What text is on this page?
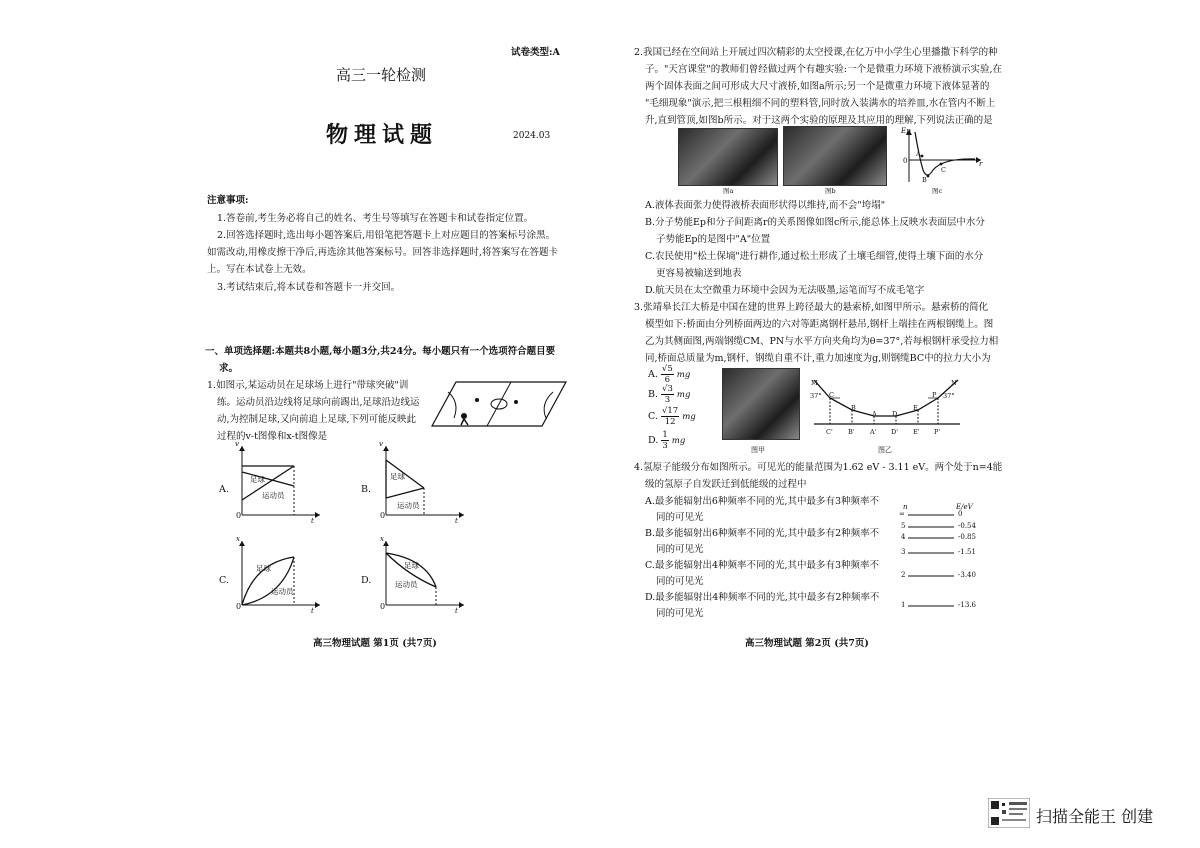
试卷类型:A
高三一轮检测
物理试题	2024.03
注意事项:
1.答卷前,考生务必将自己的姓名、考生号等填写在答题卡和试卷指定位置。
2.回答选择题时,选出每小题答案后,用铅笔把答题卡上对应题目的答案标号涂黑。
如需改动,用橡皮擦干净后,再选涂其他答案标号。回答非选择题时,将答案写在答题卡
上。写在本试卷上无效。
3.考试结束后,将本试卷和答题卡一并交回。
一、单项选择题:本题共8小题,每小题3分,共24分。每小题只有一个选项符合题目要
求。
1.如图示,某运动员在足球场上进行"带球突破"训
练。运动员沿边线将足球向前踢出,足球沿边线运
动,为控制足球,又向前追上足球,下列可能反映此
过程的v-t图像和x-t图像是
A.
v
t
0
足球
运动员
B.
v
t
0
足球
运动员
C.
x
t
0
足球
运动员
D.
x
t
0
足球
运动员
高三物理试题 第1页 (共7页)
2.我国已经在空间站上开展过四次精彩的太空授课,在亿万中小学生心里播撒下科学的种
子。"天宫课堂"的教师们曾经做过两个有趣实验:一个是微重力环境下液桥演示实验,在
两个固体表面之间可形成大尺寸液桥,如图a所示;另一个是微重力环境下液体显著的
"毛细现象"演示,把三根粗细不同的塑料管,同时放入装满水的培养皿,水在管内不断上
升,直到管顶,如图b所示。对于这两个实验的原理及其应用的理解,下列说法正确的是
图a	图b
Ep
r
0
A
B
C
图c
A.液体表面张力使得液桥表面形状得以维持,而不会"垮塌"
B.分子势能Ep和分子间距离r的关系图像如图c所示,能总体上反映水表面层中水分
子势能Ep的是图中"A"位置
C.农民使用"松土保墒"进行耕作,通过松土形成了土壤毛细管,使得土壤下面的水分
更容易被输送到地表
D.航天员在太空微重力环境中会因为无法吸墨,运笔而写不成毛笔字
3.张靖皋长江大桥是中国在建的世界上跨径最大的悬索桥,如图甲所示。悬索桥的简化
模型如下:桥面由分列桥面两边的六对等距离钢杆悬吊,钢杆上端挂在两根钢缆上。图
乙为其侧面图,两端钢缆CM、PN与水平方向夹角均为θ=37°,若每根钢杆承受拉力相
同,桥面总质量为m,钢杆、钢缆自重不计,重力加速度为g,则钢缆BC中的拉力大小为
A. $\frac{√5}{6}$ mg
B. $\frac{√3}{3}$ mg
C. $\frac{√17}{12}$ mg
D. $\frac{1}{3}$ mg
图甲
M
C
B
A D
E
P
N
37°	37°
C' B' A' D' E' P'
图乙
4.氢原子能级分布如图所示。可见光的能量范围为1.62 eV - 3.11 eV。两个处于n=4能
级的氢原子自发跃迁到低能级的过程中
A.最多能辐射出6种频率不同的光,其中最多有3种频率不
同的可见光
B.最多能辐射出6种频率不同的光,其中最多有2种频率不
同的可见光
C.最多能辐射出4种频率不同的光,其中最多有3种频率不
同的可见光
D.最多能辐射出4种频率不同的光,其中最多有2种频率不
同的可见光
n	E/eV
∞	0
5	-0.54
4	-0.85
3	-1.51
2	-3.40
1	-13.6
高三物理试题 第2页 (共7页)
扫描全能王 创建
